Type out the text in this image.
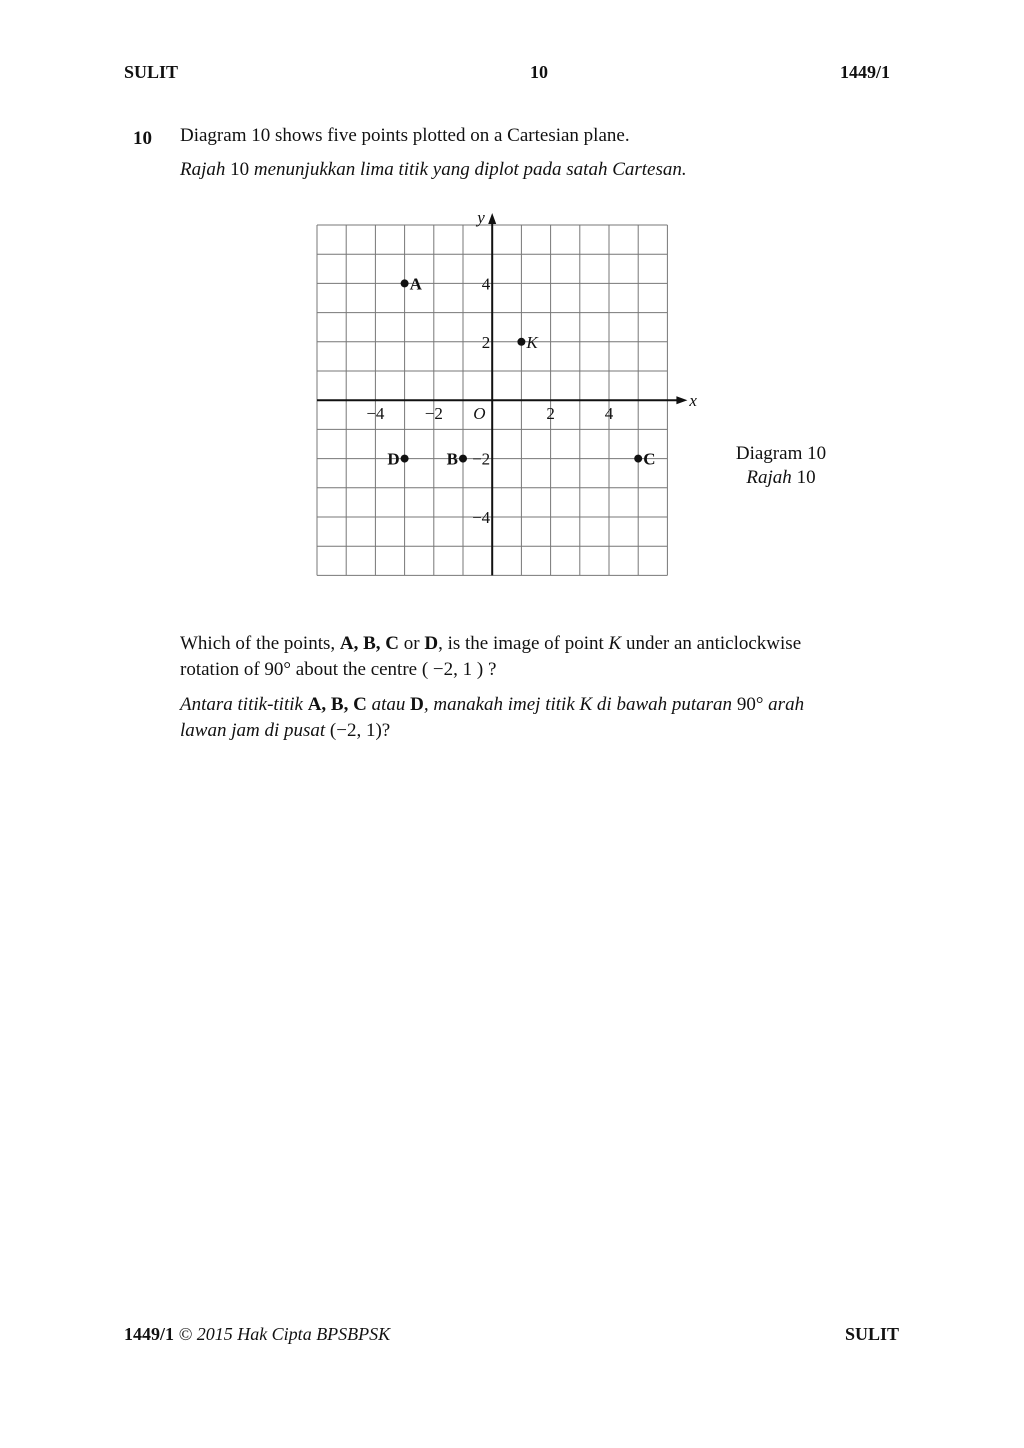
SULIT	10	1449/1
10 Diagram 10 shows five points plotted on a Cartesian plane.
Rajah 10 menunjukkan lima titik yang diplot pada satah Cartesan.
x
y
O
−4 −2	2	4
4
2
−2
−4
A
K
D	B	C	Diagram 10
Rajah 10
Which of the points, A, B, C or D, is the image of point K under an anticlockwise
rotation of 90° about the centre ( −2, 1 ) ?
Antara titik-titik A, B, C atau D, manakah imej titik K di bawah putaran 90° arah
lawan jam di pusat (−2, 1)?
1449/1 © 2015 Hak Cipta BPSBPSK	SULIT
